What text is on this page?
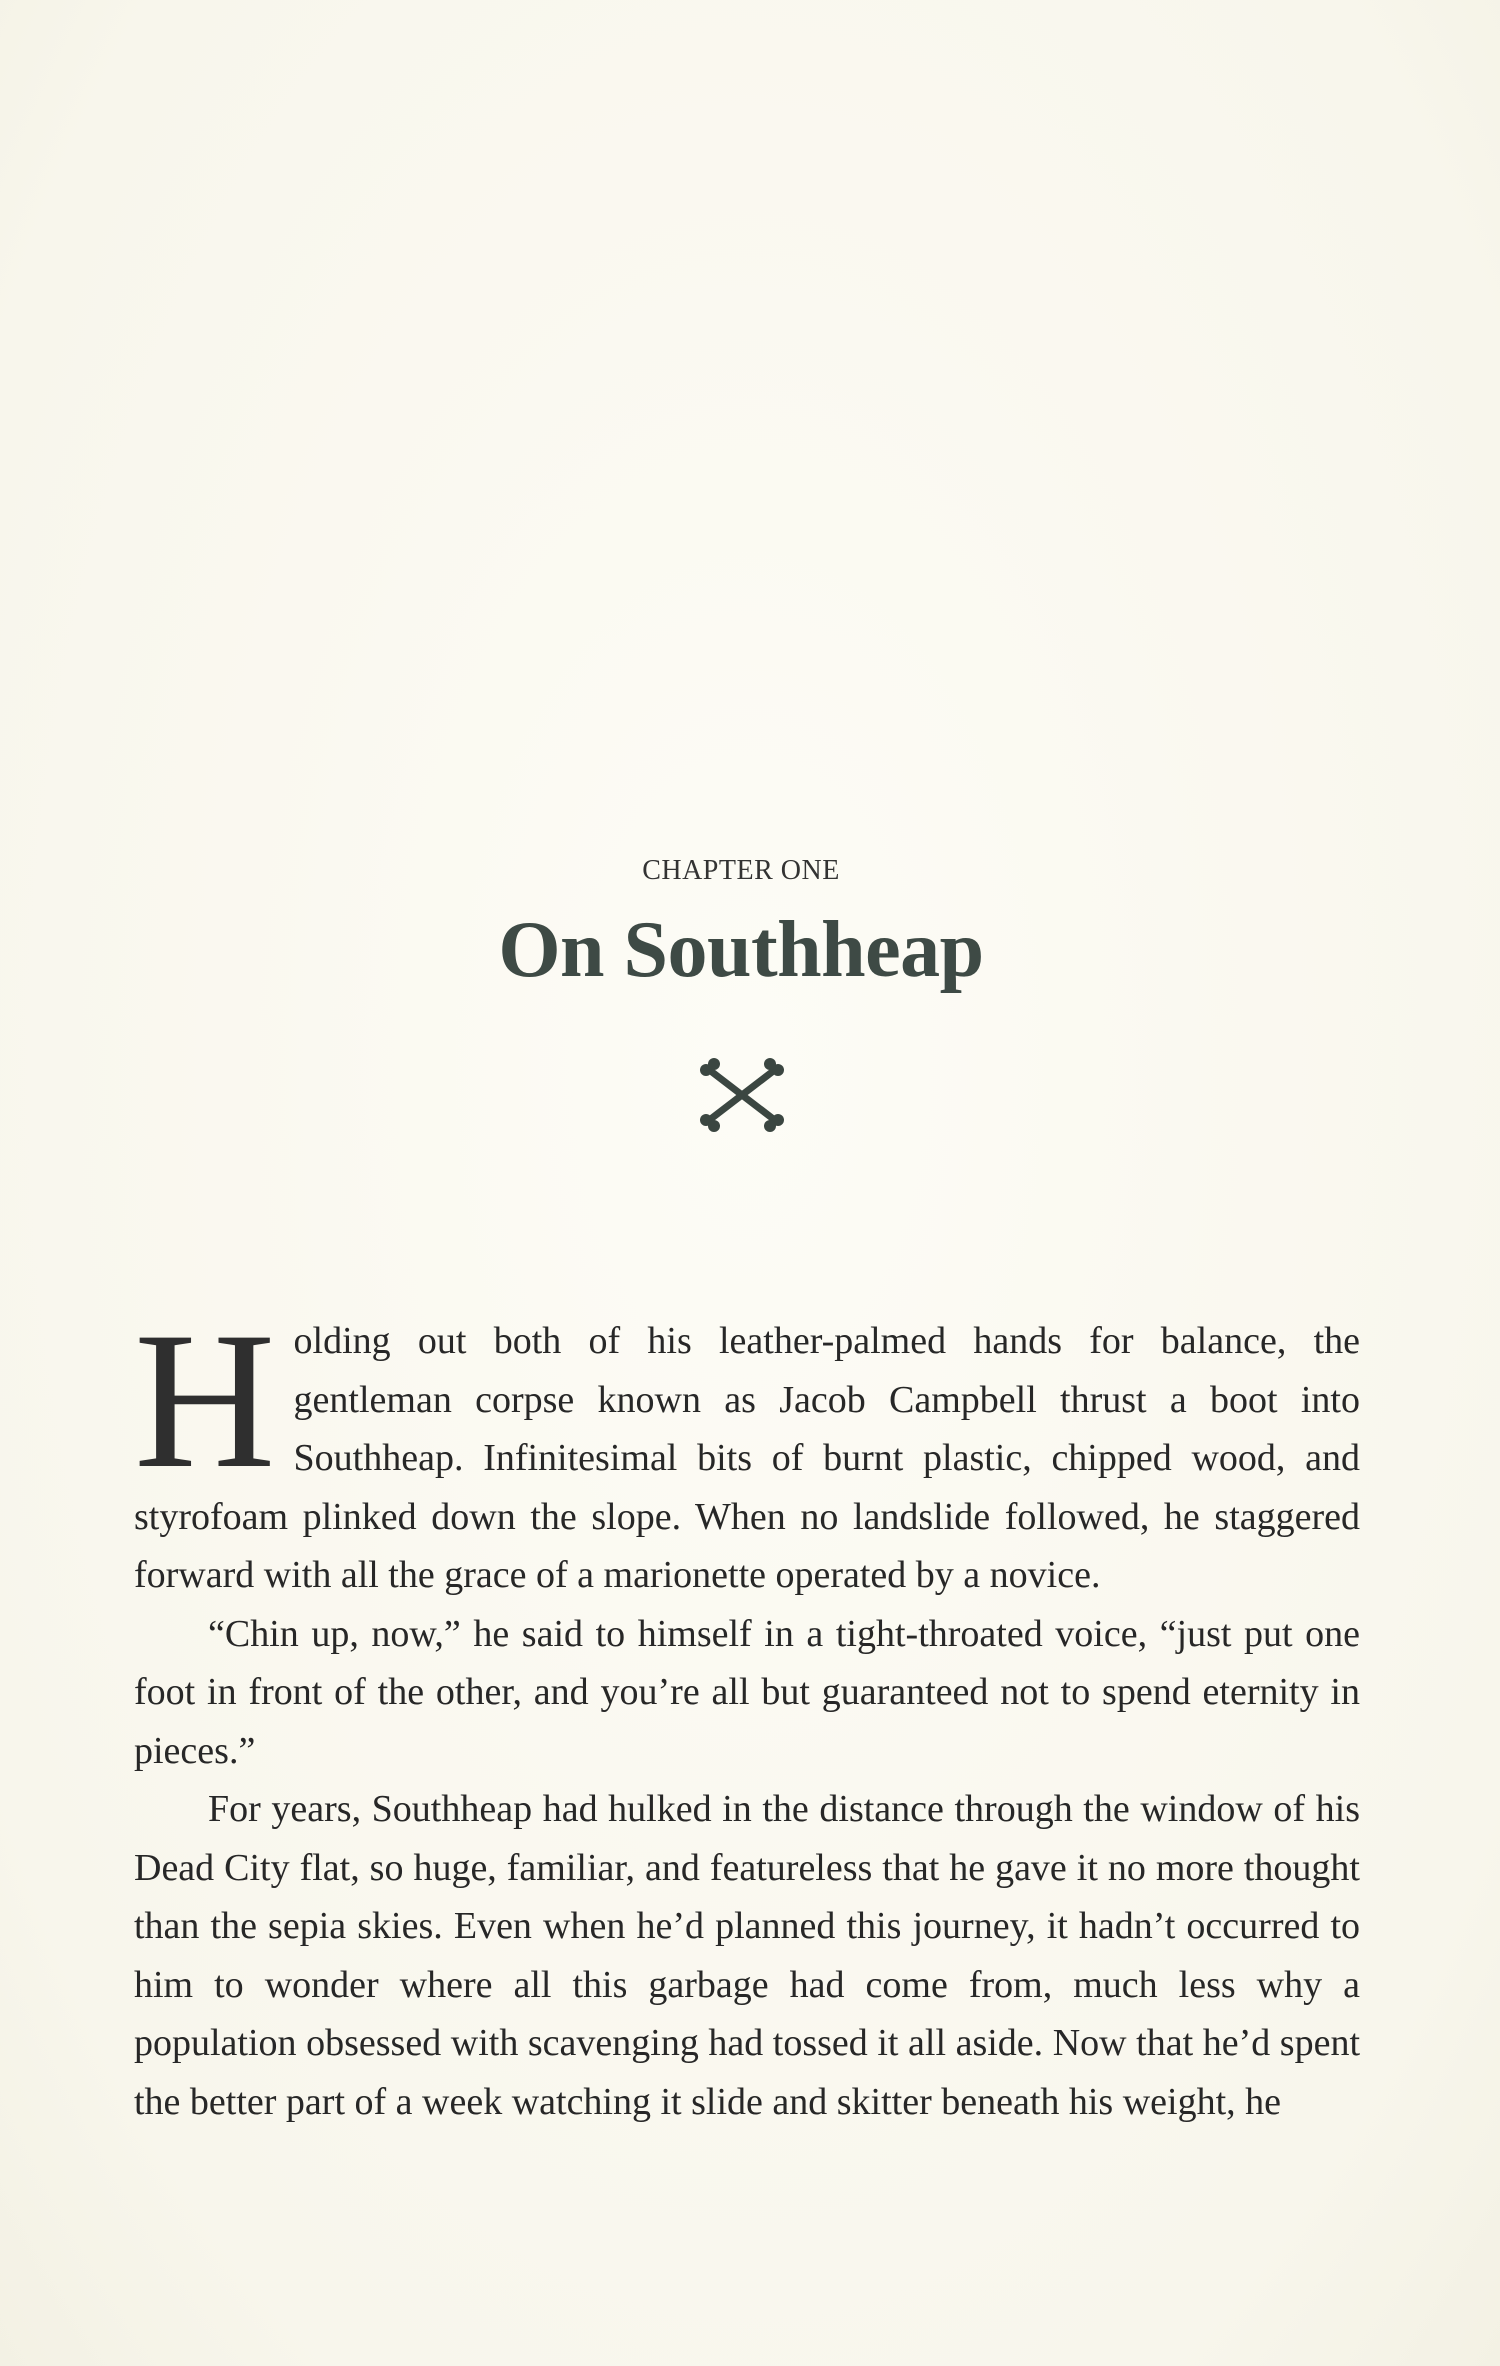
CHAPTER ONE
On Southheap

Holding out both of his leather-palmed hands for balance, the gentleman corpse known as Jacob Campbell thrust a boot into Southheap. Infinitesimal bits of burnt plastic, chipped wood, and styrofoam plinked down the slope. When no landslide followed, he staggered forward with all the grace of a marionette operated by a novice.

“Chin up, now,” he said to himself in a tight-throated voice, “just put one foot in front of the other, and you’re all but guaranteed not to spend eternity in pieces.”

For years, Southheap had hulked in the distance through the window of his Dead City flat, so huge, familiar, and featureless that he gave it no more thought than the sepia skies. Even when he’d planned this journey, it hadn’t occurred to him to wonder where all this garbage had come from, much less why a population obsessed with scavenging had tossed it all aside. Now that he’d spent the better part of a week watching it slide and skitter beneath his weight, he
